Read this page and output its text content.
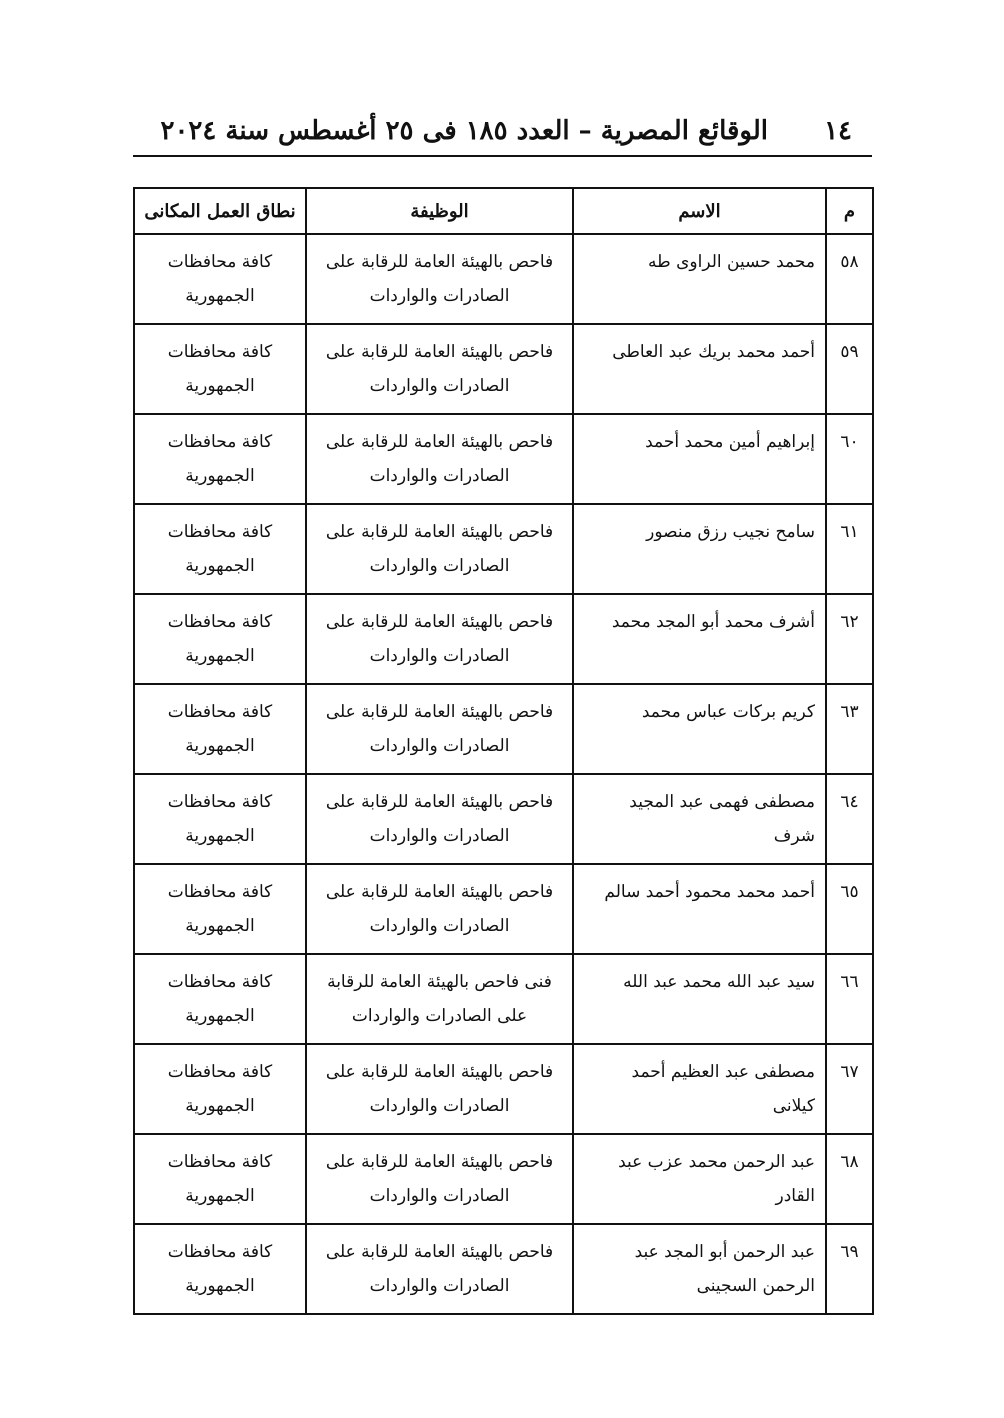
١٤
الوقائع المصرية – العدد ١٨٥ فى ٢٥ أغسطس سنة ٢٠٢٤
م	الاسم	الوظيفة	نطاق العمل المكانى
٥٨	محمد حسين الراوى طه	فاحص بالهيئة العامة للرقابة على الصادرات والواردات	كافة محافظات الجمهورية
٥٩	أحمد محمد بريك عبد العاطى	فاحص بالهيئة العامة للرقابة على الصادرات والواردات	كافة محافظات الجمهورية
٦٠	إبراهيم أمين محمد أحمد	فاحص بالهيئة العامة للرقابة على الصادرات والواردات	كافة محافظات الجمهورية
٦١	سامح نجيب رزق منصور	فاحص بالهيئة العامة للرقابة على الصادرات والواردات	كافة محافظات الجمهورية
٦٢	أشرف محمد أبو المجد محمد	فاحص بالهيئة العامة للرقابة على الصادرات والواردات	كافة محافظات الجمهورية
٦٣	كريم بركات عباس محمد	فاحص بالهيئة العامة للرقابة على الصادرات والواردات	كافة محافظات الجمهورية
٦٤	مصطفى فهمى عبد المجيد شرف	فاحص بالهيئة العامة للرقابة على الصادرات والواردات	كافة محافظات الجمهورية
٦٥	أحمد محمد محمود أحمد سالم	فاحص بالهيئة العامة للرقابة على الصادرات والواردات	كافة محافظات الجمهورية
٦٦	سيد عبد الله محمد عبد الله	فنى فاحص بالهيئة العامة للرقابة على الصادرات والواردات	كافة محافظات الجمهورية
٦٧	مصطفى عبد العظيم أحمد كيلانى	فاحص بالهيئة العامة للرقابة على الصادرات والواردات	كافة محافظات الجمهورية
٦٨	عبد الرحمن محمد عزب عبد القادر	فاحص بالهيئة العامة للرقابة على الصادرات والواردات	كافة محافظات الجمهورية
٦٩	عبد الرحمن أبو المجد عبد الرحمن السجينى	فاحص بالهيئة العامة للرقابة على الصادرات والواردات	كافة محافظات الجمهورية
